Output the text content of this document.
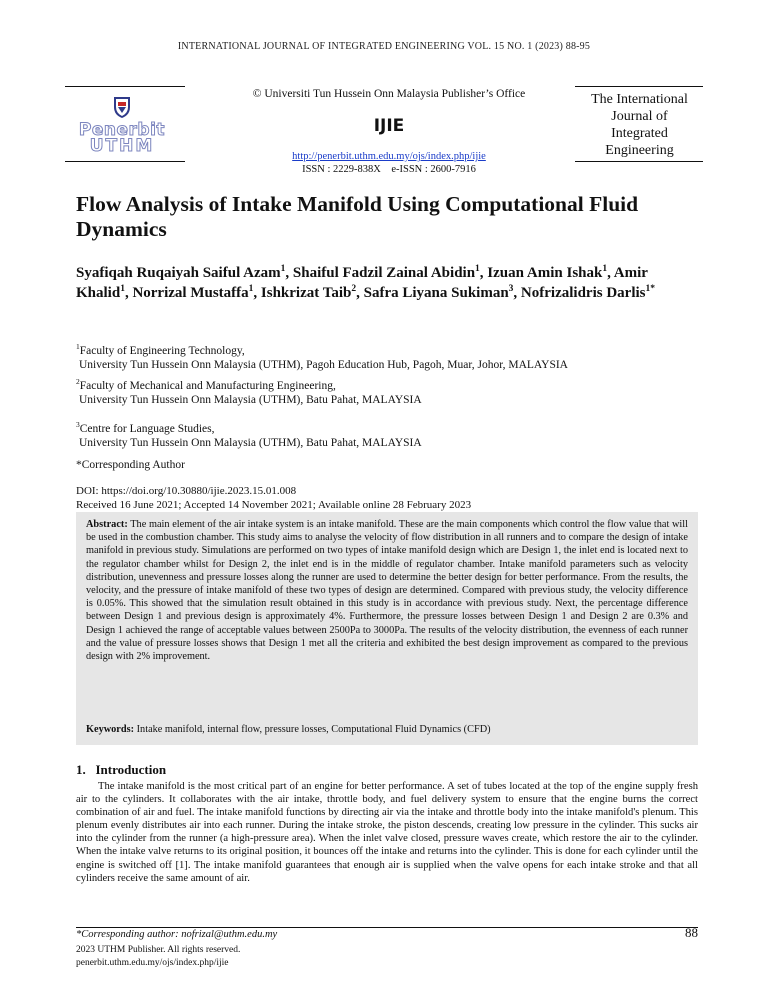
INTERNATIONAL JOURNAL OF INTEGRATED ENGINEERING VOL. 15 NO. 1 (2023) 88-95
Penerbit
UTHM
© Universiti Tun Hussein Onn Malaysia Publisher’s Office
IJIE
http://penerbit.uthm.edu.my/ojs/index.php/ijie
ISSN : 2229-838X    e-ISSN : 2600-7916
The International
Journal of
Integrated
Engineering
Flow Analysis of Intake Manifold Using Computational Fluid
Dynamics
Syafiqah Ruqaiyah Saiful Azam$^1$, Shaiful Fadzil Zainal Abidin$^1$, Izuan Amin Ishak$^1$, Amir Khalid$^1$, Norrizal Mustaffa$^1$, Ishkrizat Taib$^2$, Safra Liyana Sukiman$^3$, Nofrizalidris Darlis$^{1*}$
$^1$Faculty of Engineering Technology,
University Tun Hussein Onn Malaysia (UTHM), Pagoh Education Hub, Pagoh, Muar, Johor, MALAYSIA
$^2$Faculty of Mechanical and Manufacturing Engineering,
University Tun Hussein Onn Malaysia (UTHM), Batu Pahat, MALAYSIA
$^3$Centre for Language Studies,
University Tun Hussein Onn Malaysia (UTHM), Batu Pahat, MALAYSIA
*Corresponding Author
DOI: https://doi.org/10.30880/ijie.2023.15.01.008
Received 16 June 2021; Accepted 14 November 2021; Available online 28 February 2023

Abstract: The main element of the air intake system is an intake manifold. These are the main components which control the flow value that will be used in the combustion chamber. This study aims to analyse the velocity of flow distribution in all runners and to compare the design of intake manifold in previous study. Simulations are performed on two types of intake manifold design which are Design 1, the inlet end is located next to the regulator chamber whilst for Design 2, the inlet end is in the middle of regulator chamber. Intake manifold parameters such as velocity distribution, unevenness and pressure losses along the runner are used to determine the better design for better performance. From the results, the velocity, and the pressure of intake manifold of these two types of design are determined. Compared with previous study, the velocity difference is 0.05%. This showed that the simulation result obtained in this study is in accordance with previous study. Next, the percentage difference between Design 1 and previous design is approximately 4%. Furthermore, the pressure losses between Design 1 and Design 2 are 0.3% and Design 1 achieved the range of acceptable values between 2500Pa to 3000Pa. The results of the velocity distribution, the evenness of each runner and the value of pressure losses shows that Design 1 met all the criteria and exhibited the best design improvement as compared to the previous design with 2% improvement.

Keywords: Intake manifold, internal flow, pressure losses, Computational Fluid Dynamics (CFD)

1.   Introduction

The intake manifold is the most critical part of an engine for better performance. A set of tubes located at the top of the engine supply fresh air to the cylinders. It collaborates with the air intake, throttle body, and fuel delivery system to ensure that the engine burns the correct combination of air and fuel. The intake manifold functions by directing air via the intake and throttle body into the intake manifold's plenum. This plenum evenly distributes air into each runner. During the intake stroke, the piston descends, creating low pressure in the cylinder. This sucks air into the cylinder from the runner (a high-pressure area). When the inlet valve closed, pressure waves create, which restore the air to the cylinder. When the intake valve returns to its original position, it bounces off the intake and returns into the cylinder. This is done for each cylinder until the engine is switched off [1]. The intake manifold guarantees that enough air is supplied when the valve opens for each intake stroke and that all cylinders receive the same amount of air.

*Corresponding author: nofrizal@uthm.edu.my
2023 UTHM Publisher. All rights reserved.
penerbit.uthm.edu.my/ojs/index.php/ijie
88
